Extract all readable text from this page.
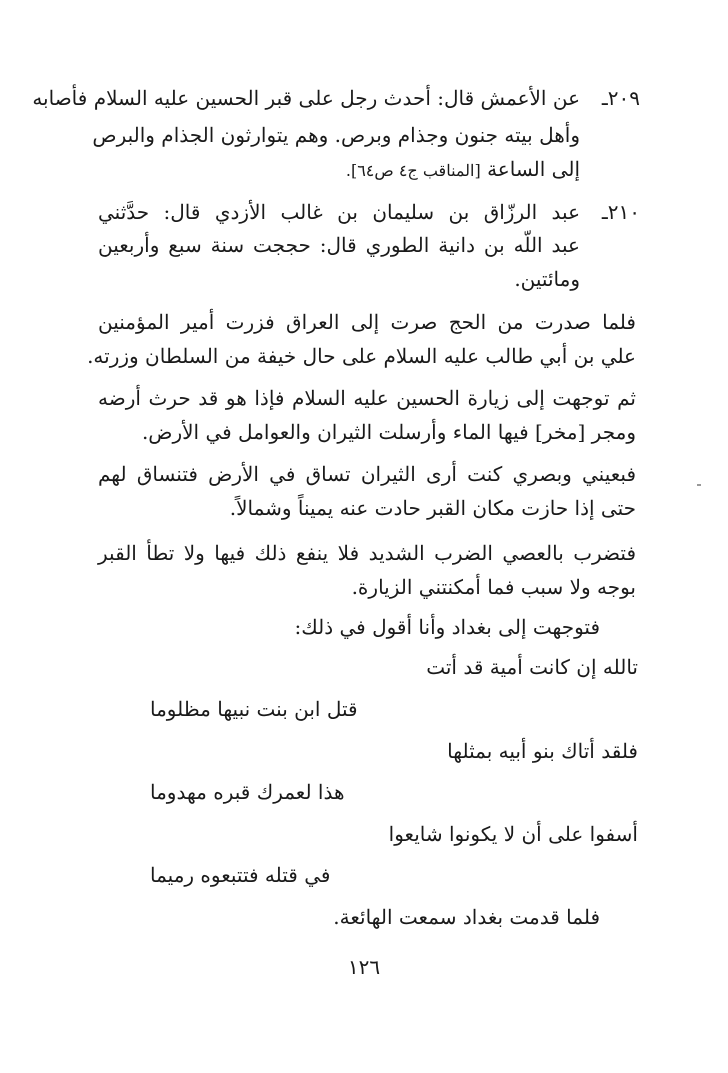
٢٠٩ـ
عن الأعمش قال: أحدث رجل على قبر الحسين عليه السلام فأصابه
وأهل بيته جنون وجذام وبرص. وهم يتوارثون الجذام والبرص
إلى الساعة [المناقب ج٤ ص٦٤].
٢١٠ـ
عبد الرزّاق بن سليمان بن غالب الأزدي قال: حدَّثني
عبد اللّه بن دانية الطوري قال: حججت سنة سبع وأربعين
ومائتين.
فلما صدرت من الحج صرت إلى العراق فزرت أمير المؤمنين
علي بن أبي طالب عليه السلام على حال خيفة من السلطان وزرته.
ثم توجهت إلى زيارة الحسين عليه السلام فإذا هو قد حرث أرضه
ومجر [مخر] فيها الماء وأرسلت الثيران والعوامل في الأرض.
فبعيني وبصري كنت أرى الثيران تساق في الأرض فتنساق لهم
حتى إذا حازت مكان القبر حادت عنه يميناً وشمالاً.
فتضرب بالعصي الضرب الشديد فلا ينفع ذلك فيها ولا تطأ القبر
بوجه ولا سبب فما أمكنتني الزيارة.
فتوجهت إلى بغداد وأنا أقول في ذلك:
تالله إن كانت أمية قد أتت
قتل ابن بنت نبيها مظلوما
فلقد أتاك بنو أبيه بمثلها
هذا لعمرك قبره مهدوما
أسفوا على أن لا يكونوا شايعوا
في قتله فتتبعوه رميما
فلما قدمت بغداد سمعت الهائعة.
١٢٦
